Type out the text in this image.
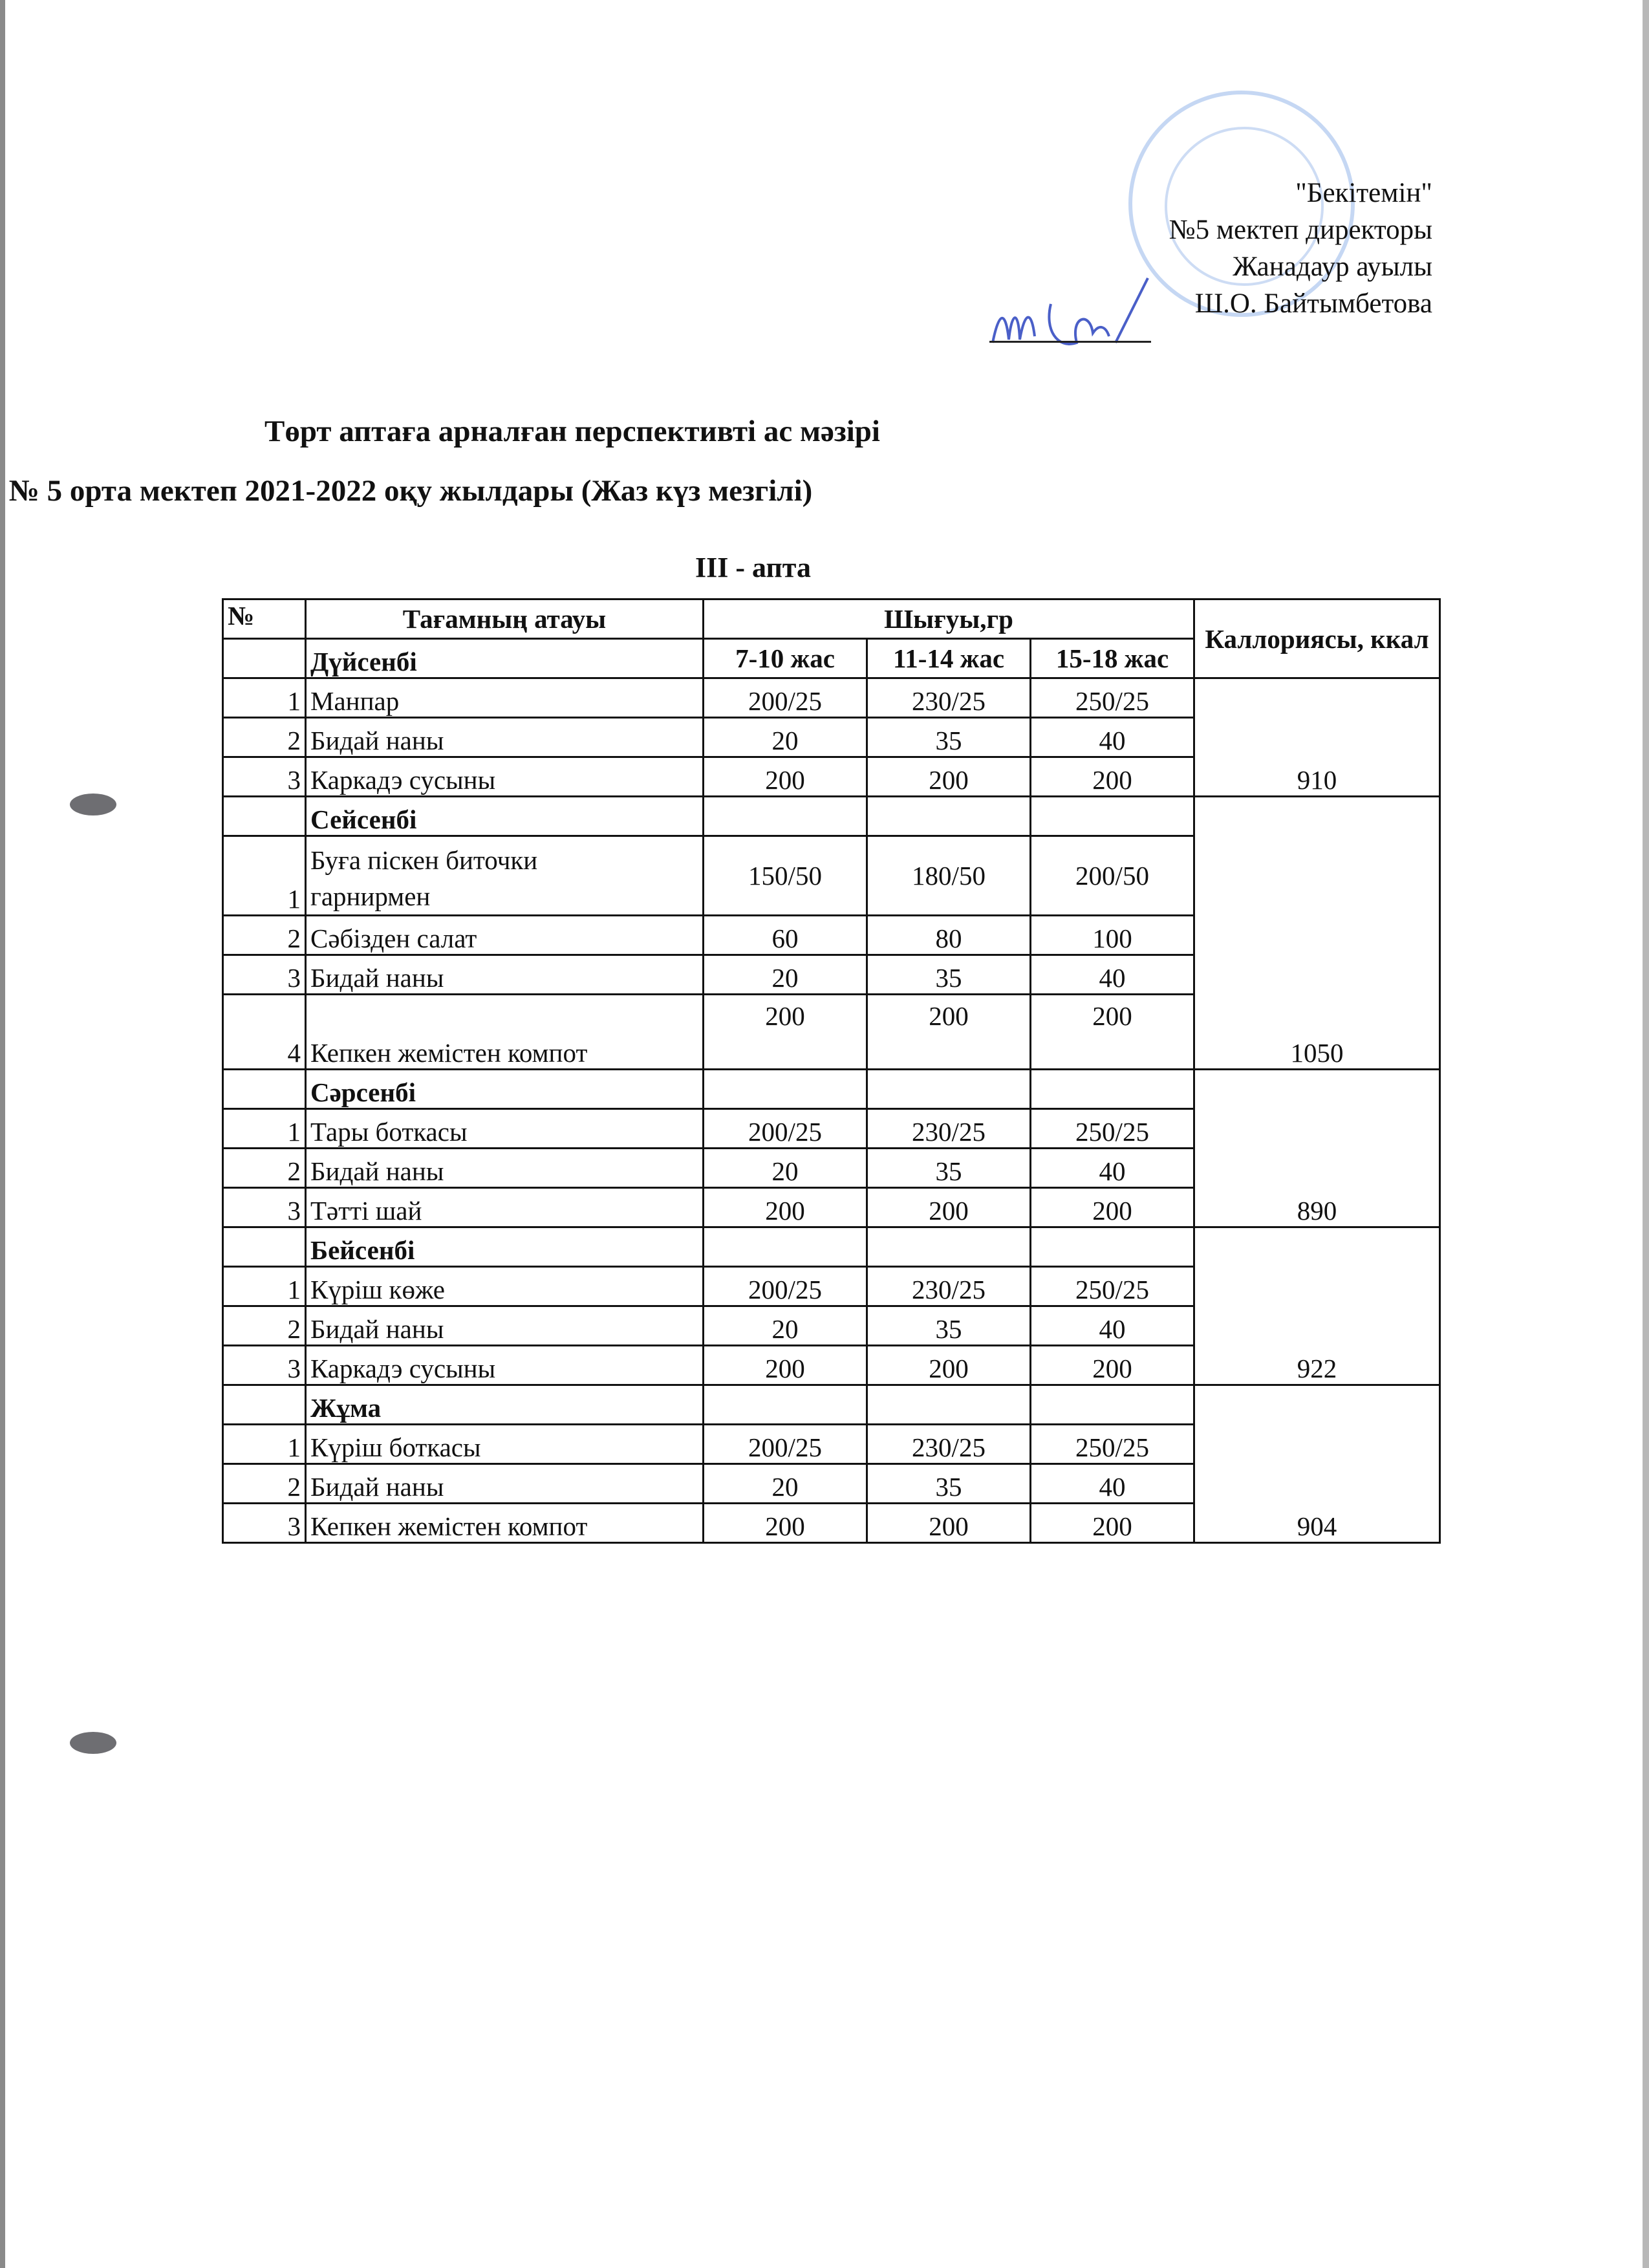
"Бекітемін"
№5 мектеп директоры
Жанадаур ауылы
Ш.О. Байтымбетова
Төрт аптаға арналған перспективті ас мәзірі
№ 5 орта мектеп 2021-2022 оқу жылдары (Жаз күз мезгілі)
III - апта
№	Тағамның атауы	Шығуы,гр			Каллориясы, ккал
	Дүйсенбі	7-10 жас	11-14 жас	15-18 жас	
1	Манпар	200/25	230/25	250/25	910
2	Бидай наны	20	35	40	
3	Каркадэ сусыны	200	200	200	
	Сейсенбі				1050
1	Буға піскен биточки
гарнирмен	150/50	180/50	200/50	
2	Сәбізден салат	60	80	100	
3	Бидай наны	20	35	40	
4	Кепкен жемістен компот	200	200	200	
	Сәрсенбі				890
1	Тары боткасы	200/25	230/25	250/25	
2	Бидай наны	20	35	40	
3	Тәтті шай	200	200	200	
	Бейсенбі				922
1	Күріш көже	200/25	230/25	250/25	
2	Бидай наны	20	35	40	
3	Каркадэ сусыны	200	200	200	
	Жұма				904
1	Күріш боткасы	200/25	230/25	250/25	
2	Бидай наны	20	35	40	
3	Кепкен жемістен компот	200	200	200	
